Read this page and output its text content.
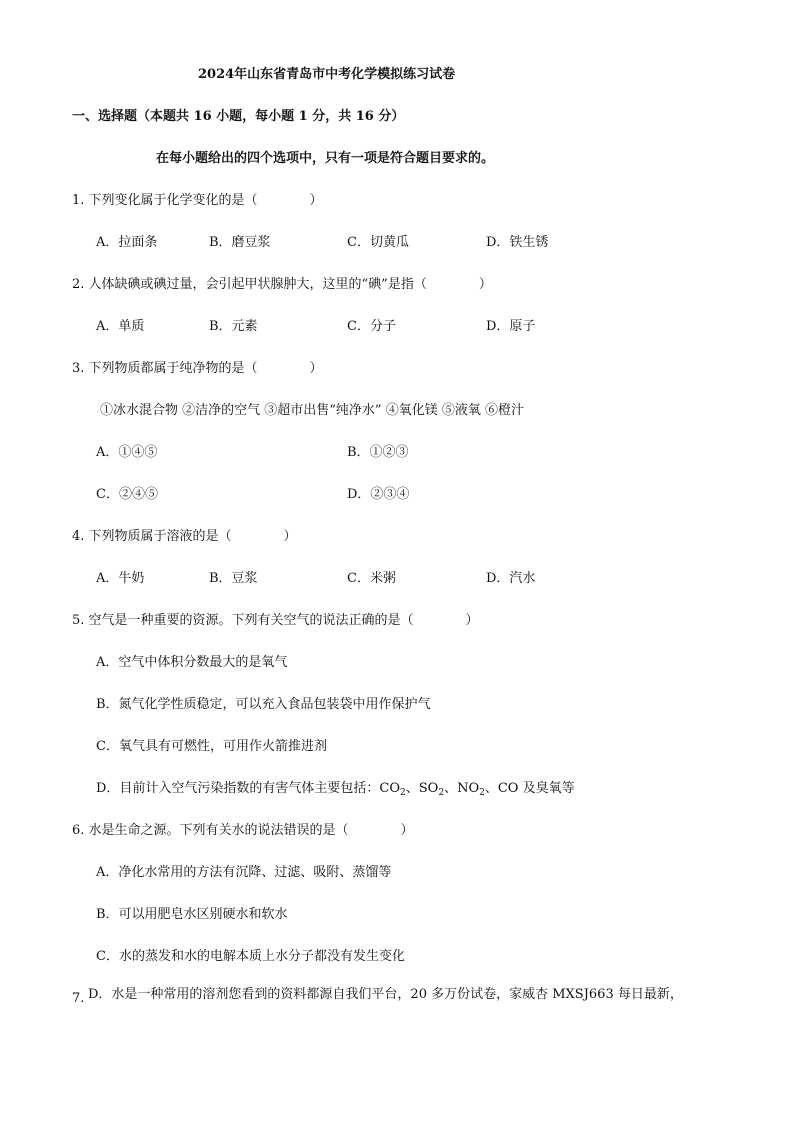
2024年山东省青岛市中考化学模拟练习试卷
一、选择题（本题共 16 小题，每小题 1 分，共 16 分）
在每小题给出的四个选项中，只有一项是符合题目要求的。
1. 下列变化属于化学变化的是（　　　　）
A．拉面条	B．磨豆浆	C．切黄瓜	D．铁生锈
2. 人体缺碘或碘过量，会引起甲状腺肿大，这里的“碘”是指（　　　　）
A．单质	B．元素	C．分子	D．原子
3. 下列物质都属于纯净物的是（　　　　）
①冰水混合物 ②洁净的空气 ③超市出售“纯净水” ④氧化镁 ⑤液氧 ⑥橙汁
A．①④⑤	B．①②③
C．②④⑤	D．②③④
4. 下列物质属于溶液的是（　　　　）
A．牛奶	B．豆浆	C．米粥	D．汽水
5. 空气是一种重要的资源。下列有关空气的说法正确的是（　　　　）
A．空气中体积分数最大的是氧气
B．氮气化学性质稳定，可以充入食品包装袋中用作保护气
C．氧气具有可燃性，可用作火箭推进剂
D．目前计入空气污染指数的有害气体主要包括：$CO_2$、$SO_2$、$NO_2$、CO 及臭氧等
6. 水是生命之源。下列有关水的说法错误的是（　　　　）
A．净化水常用的方法有沉降、过滤、吸附、蒸馏等
B．可以用肥皂水区别硬水和软水
C．水的蒸发和水的电解本质上水分子都没有发生变化
7. D．水是一种常用的溶剂您看到的资料都源自我们平台，20 多万份试卷，家威杏 MXSJ663 每日最新，
